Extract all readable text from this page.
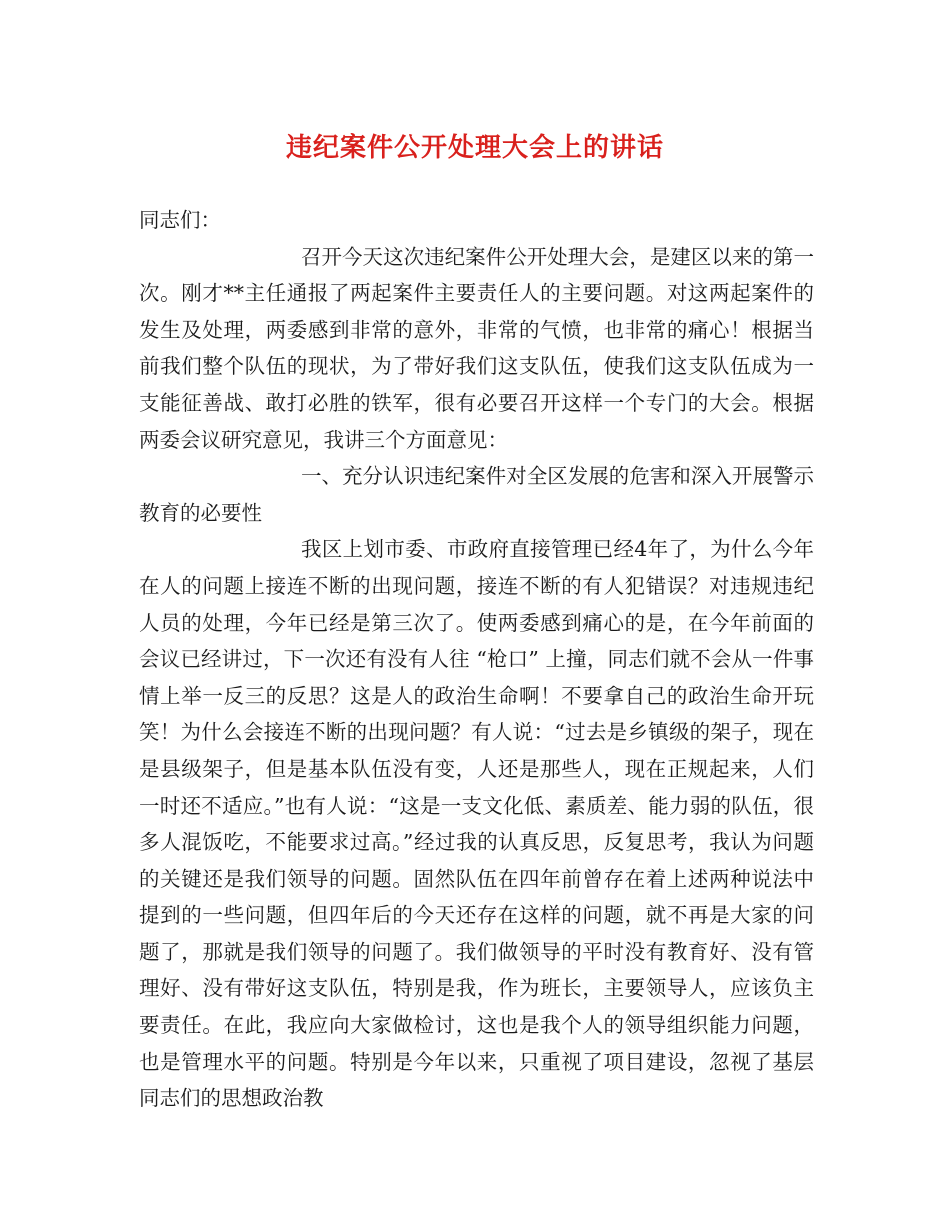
违纪案件公开处理大会上的讲话

同志们：

召开今天这次违纪案件公开处理大会，是建区以来的第一次。刚才**主任通报了两起案件主要责任人的主要问题。对这两起案件的发生及处理，两委感到非常的意外，非常的气愤，也非常的痛心！根据当前我们整个队伍的现状，为了带好我们这支队伍，使我们这支队伍成为一支能征善战、敢打必胜的铁军，很有必要召开这样一个专门的大会。根据两委会议研究意见，我讲三个方面意见：

一、充分认识违纪案件对全区发展的危害和深入开展警示教育的必要性

我区上划市委、市政府直接管理已经4年了，为什么今年在人的问题上接连不断的出现问题，接连不断的有人犯错误？对违规违纪人员的处理，今年已经是第三次了。使两委感到痛心的是，在今年前面的会议已经讲过，下一次还有没有人往 “枪口” 上撞，同志们就不会从一件事情上举一反三的反思？这是人的政治生命啊！不要拿自己的政治生命开玩笑！为什么会接连不断的出现问题？有人说：“过去是乡镇级的架子，现在是县级架子，但是基本队伍没有变，人还是那些人，现在正规起来，人们一时还不适应。”也有人说：“这是一支文化低、素质差、能力弱的队伍，很多人混饭吃，不能要求过高。”经过我的认真反思，反复思考，我认为问题的关键还是我们领导的问题。固然队伍在四年前曾存在着上述两种说法中提到的一些问题，但四年后的今天还存在这样的问题，就不再是大家的问题了，那就是我们领导的问题了。我们做领导的平时没有教育好、没有管理好、没有带好这支队伍，特别是我，作为班长，主要领导人，应该负主要责任。在此，我应向大家做检讨，这也是我个人的领导组织能力问题，也是管理水平的问题。特别是今年以来，只重视了项目建设，忽视了基层同志们的思想政治教
